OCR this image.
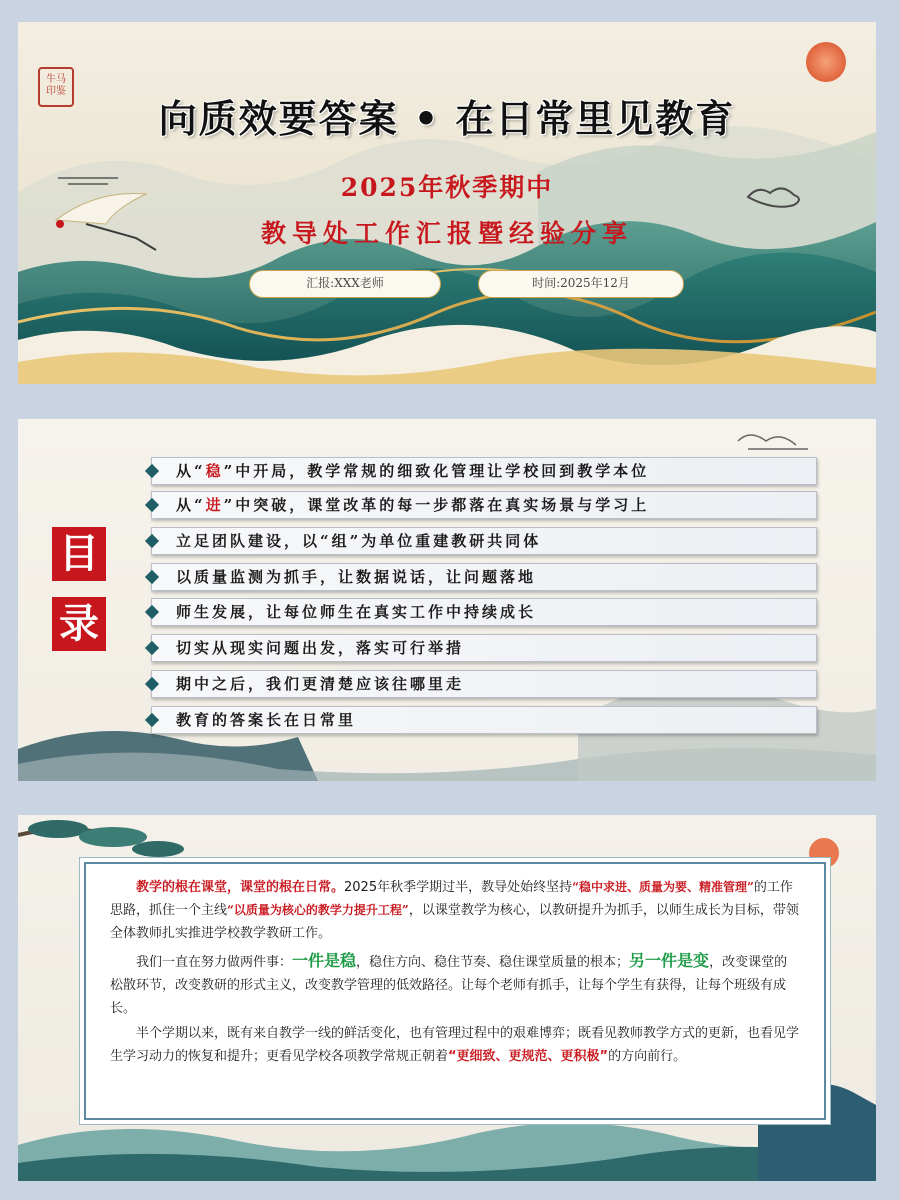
牛马
印鉴
向质效要答案 • 在日常里见教育
2025年秋季期中
教导处工作汇报暨经验分享
汇报:XXX老师	时间:2025年12月
目
录
从“稳”中开局，教学常规的细致化管理让学校回到教学本位
从“进”中突破，课堂改革的每一步都落在真实场景与学习上
立足团队建设，以“组”为单位重建教研共同体
以质量监测为抓手，让数据说话，让问题落地
师生发展，让每位师生在真实工作中持续成长
切实从现实问题出发，落实可行举措
期中之后，我们更清楚应该往哪里走
教育的答案长在日常里

教学的根在课堂，课堂的根在日常。2025年秋季学期过半，教导处始终坚持“稳中求进、质量为要、精准管理”的工作思路，抓住一个主线“以质量为核心的教学力提升工程”，以课堂教学为核心，以教研提升为抓手，以师生成长为目标，带领全体教师扎实推进学校教学教研工作。

我们一直在努力做两件事：一件是稳，稳住方向、稳住节奏、稳住课堂质量的根本；另一件是变，改变课堂的松散环节，改变教研的形式主义，改变教学管理的低效路径。让每个老师有抓手，让每个学生有获得，让每个班级有成长。

半个学期以来，既有来自教学一线的鲜活变化，也有管理过程中的艰难博弈；既看见教师教学方式的更新，也看见学生学习动力的恢复和提升；更看见学校各项教学常规正朝着“更细致、更规范、更积极”的方向前行。
